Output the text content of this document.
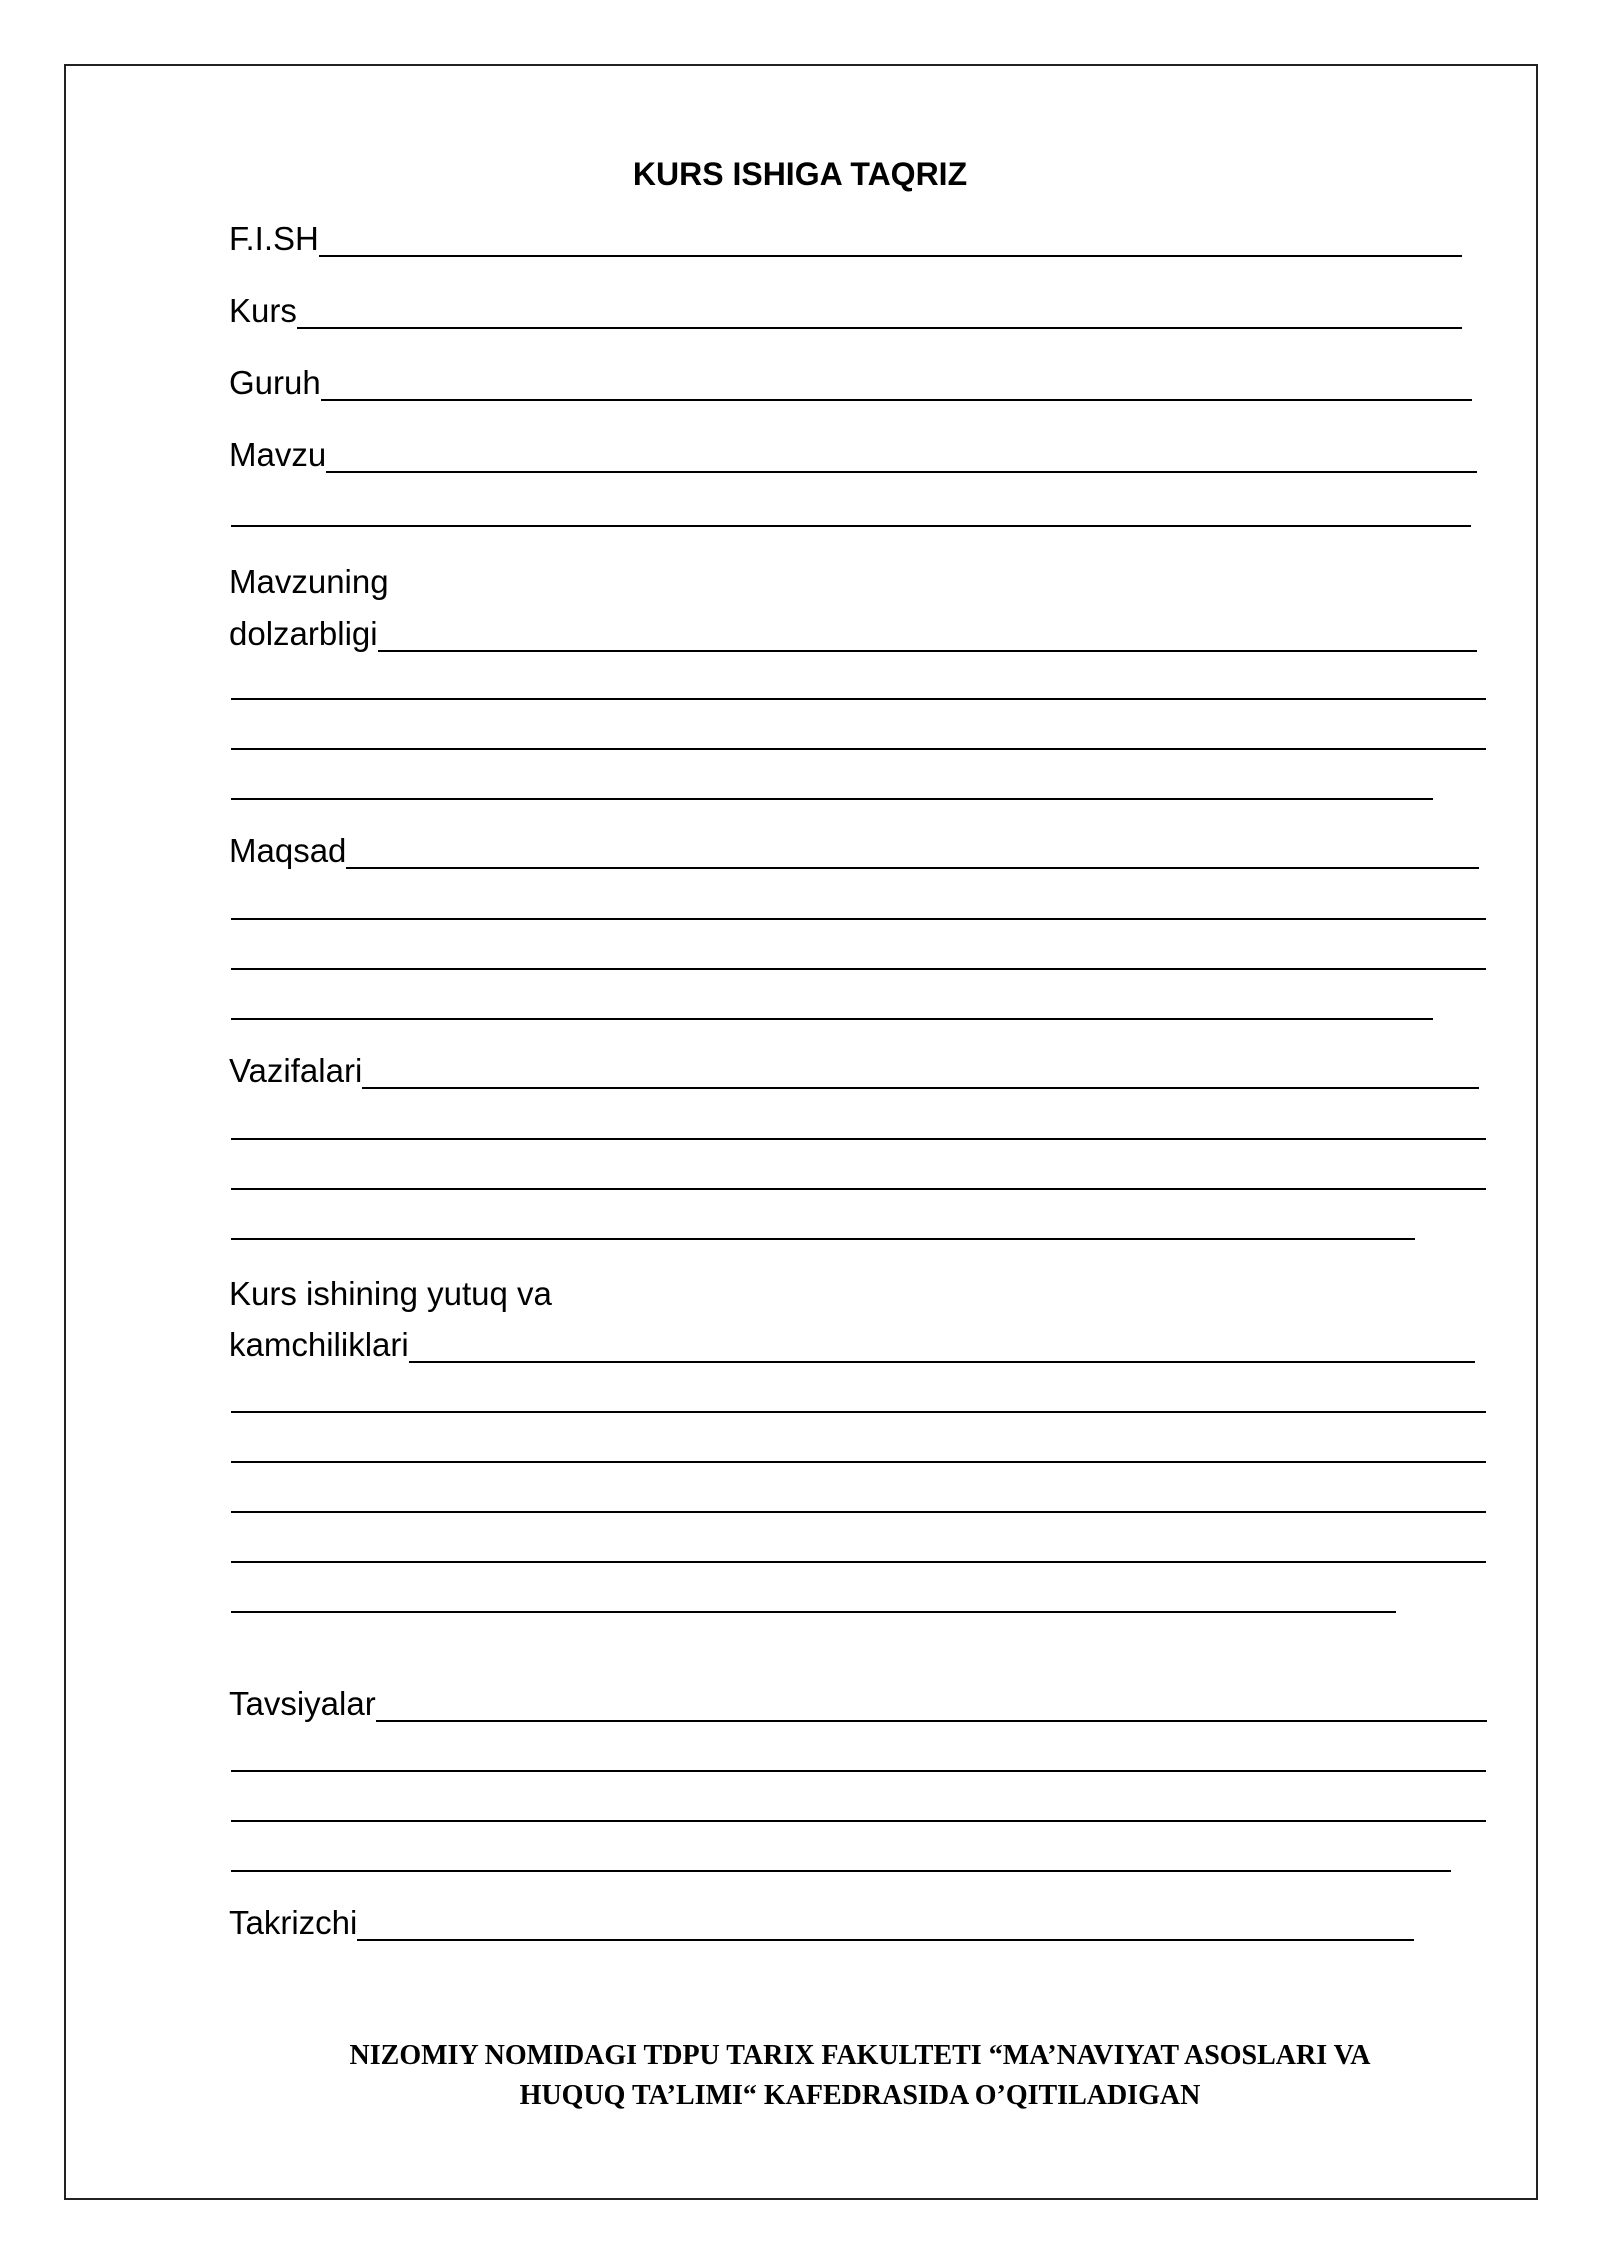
KURS ISHIGA TAQRIZ
F.I.SH
Kurs
Guruh
Mavzu
Mavzuning
dolzarbligi
Maqsad
Vazifalari
Kurs ishining yutuq va
kamchiliklari
Tavsiyalar
Takrizchi
NIZOMIY NOMIDAGI TDPU TARIX FAKULTETI “MA’NAVIYAT ASOSLARI VA
HUQUQ TA’LIMI“ KAFEDRASIDA O’QITILADIGAN
